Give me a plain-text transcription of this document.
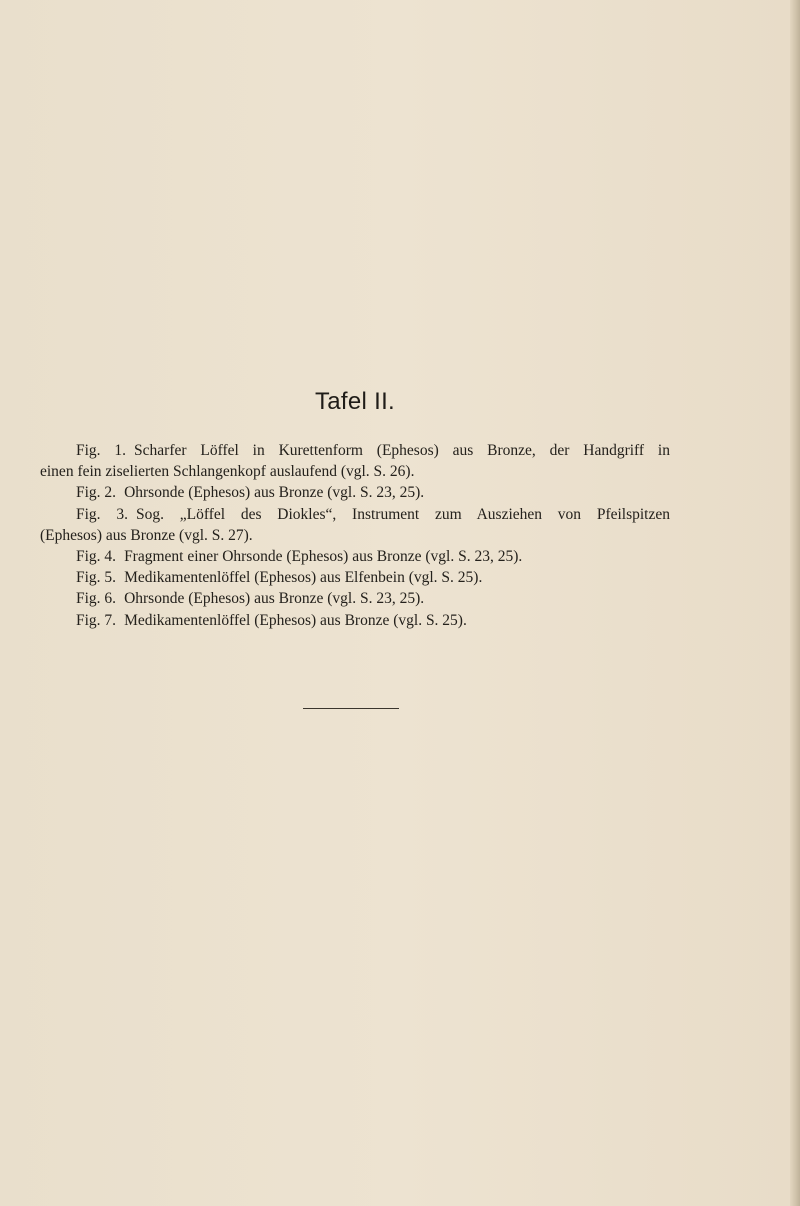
Tafel II.
Fig. 1. Scharfer Löffel in Kurettenform (Ephesos) aus Bronze, der Handgriff in
einen fein ziselierten Schlangenkopf auslaufend (vgl. S. 26).
Fig. 2. Ohrsonde (Ephesos) aus Bronze (vgl. S. 23, 25).
Fig. 3. Sog. „Löffel des Diokles“, Instrument zum Ausziehen von Pfeilspitzen
(Ephesos) aus Bronze (vgl. S. 27).
Fig. 4. Fragment einer Ohrsonde (Ephesos) aus Bronze (vgl. S. 23, 25).
Fig. 5. Medikamentenlöffel (Ephesos) aus Elfenbein (vgl. S. 25).
Fig. 6. Ohrsonde (Ephesos) aus Bronze (vgl. S. 23, 25).
Fig. 7. Medikamentenlöffel (Ephesos) aus Bronze (vgl. S. 25).
